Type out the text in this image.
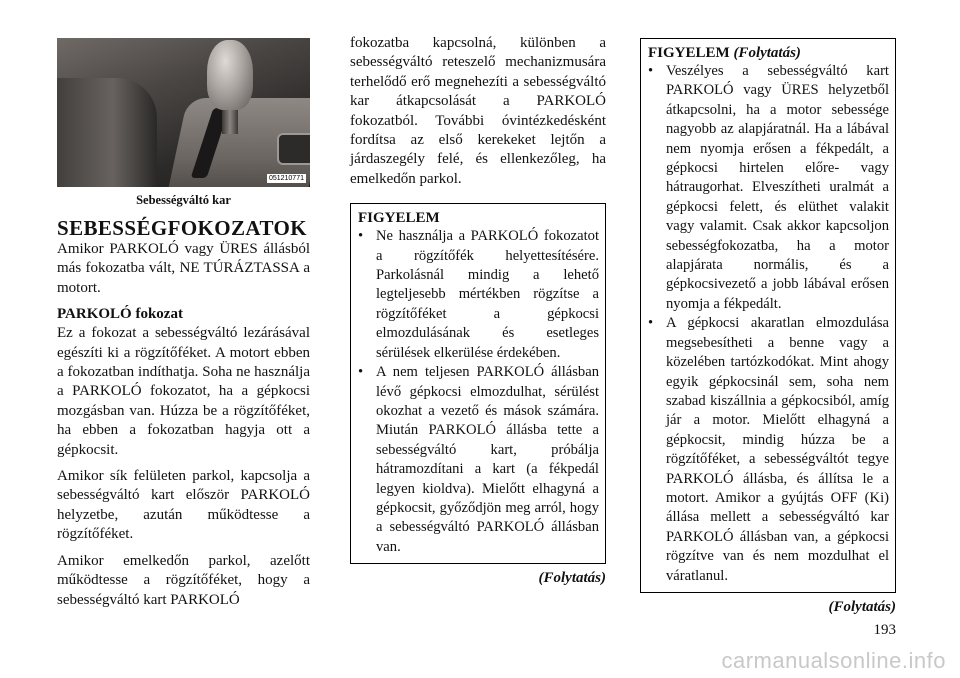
051210771
Sebességváltó kar
SEBESSÉGFOKOZATOK

Amikor PARKOLÓ vagy ÜRES állásból más fokozatba vált, NE TÚRÁZTASSA a motort.

PARKOLÓ fokozat

Ez a fokozat a sebességváltó lezárásával egészíti ki a rögzítőféket. A motort ebben a fokozatban indíthatja. Soha ne használja a PARKOLÓ fokozatot, ha a gépkocsi mozgásban van. Húzza be a rögzítőféket, ha ebben a fokozatban hagyja ott a gépkocsit.

Amikor sík felületen parkol, kapcsolja a sebességváltó kart először PARKOLÓ helyzetbe, azután működtesse a rögzítőféket.

Amikor emelkedőn parkol, azelőtt működtesse a rögzítőféket, hogy a sebességváltó kart PARKOLÓ

fokozatba kapcsolná, különben a sebességváltó reteszelő mechanizmusára terhelődő erő megnehezíti a sebességváltó kar átkapcsolását a PARKOLÓ fokozatból. További óvintézkedésként fordítsa az első kerekeket lejtőn a járdaszegély felé, és ellenkezőleg, ha emelkedőn parkol.

FIGYELEM
• Ne használja a PARKOLÓ fokozatot a rögzítőfék helyettesítésére. Parkolásnál mindig a lehető legteljesebb mértékben rögzítse a rögzítőféket a gépkocsi elmozdulásának és esetleges sérülések elkerülése érdekében.
• A nem teljesen PARKOLÓ állásban lévő gépkocsi elmozdulhat, sérülést okozhat a vezető és mások számára. Miután PARKOLÓ állásba tette a sebességváltó kart, próbálja hátramozdítani a kart (a fékpedál legyen kioldva). Mielőtt elhagyná a gépkocsit, győződjön meg arról, hogy a sebességváltó PARKOLÓ állásban van.
(Folytatás)
FIGYELEM (Folytatás)
• Veszélyes a sebességváltó kart PARKOLÓ vagy ÜRES helyzetből átkapcsolni, ha a motor sebessége nagyobb az alapjáratnál. Ha a lábával nem nyomja erősen a fékpedált, a gépkocsi hirtelen előre- vagy hátraugorhat. Elveszítheti uralmát a gépkocsi felett, és elüthet valakit vagy valamit. Csak akkor kapcsoljon sebességfokozatba, ha a motor alapjárata normális, és a gépkocsivezető a jobb lábával erősen nyomja a fékpedált.
• A gépkocsi akaratlan elmozdulása megsebesítheti a benne vagy a közelében tartózkodókat. Mint ahogy egyik gépkocsinál sem, soha nem szabad kiszállnia a gépkocsiból, amíg jár a motor. Mielőtt elhagyná a gépkocsit, mindig húzza be a rögzítőféket, a sebességváltót tegye PARKOLÓ állásba, és állítsa le a motort. Amikor a gyújtás OFF (Ki) állása mellett a sebességváltó kar PARKOLÓ állásban van, a gépkocsi rögzítve van és nem mozdulhat el váratlanul.
(Folytatás)
193
carmanualsonline.info
